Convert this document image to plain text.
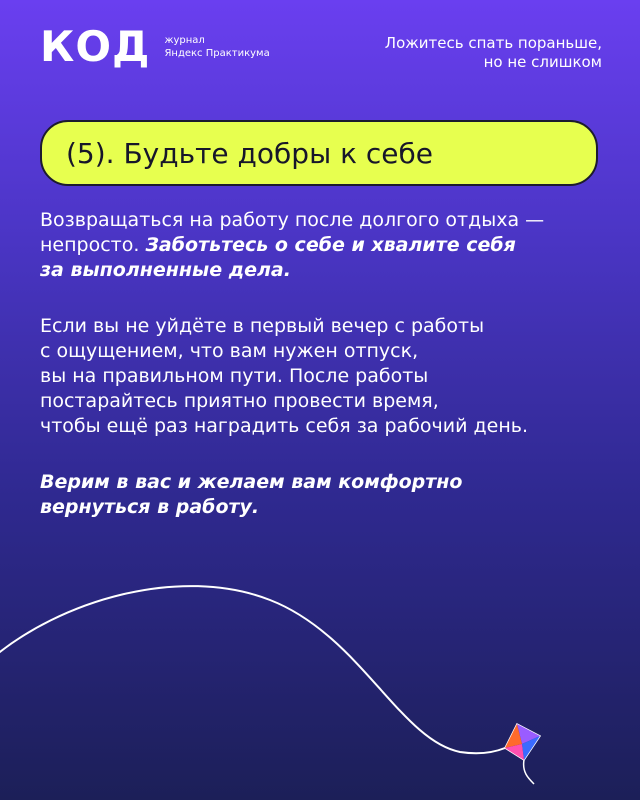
КОД журнал
Яндекс Практикума
Ложитесь спать пораньше,
но не слишком
(5). Будьте добры к себе
Возвращаться на работу после долгого отдыха —
непросто. Заботьтесь о себе и хвалите себя
за выполненные дела.
Если вы не уйдёте в первый вечер с работы
с ощущением, что вам нужен отпуск,
вы на правильном пути. После работы
постарайтесь приятно провести время,
чтобы ещё раз наградить себя за рабочий день.
Верим в вас и желаем вам комфортно
вернуться в работу.
